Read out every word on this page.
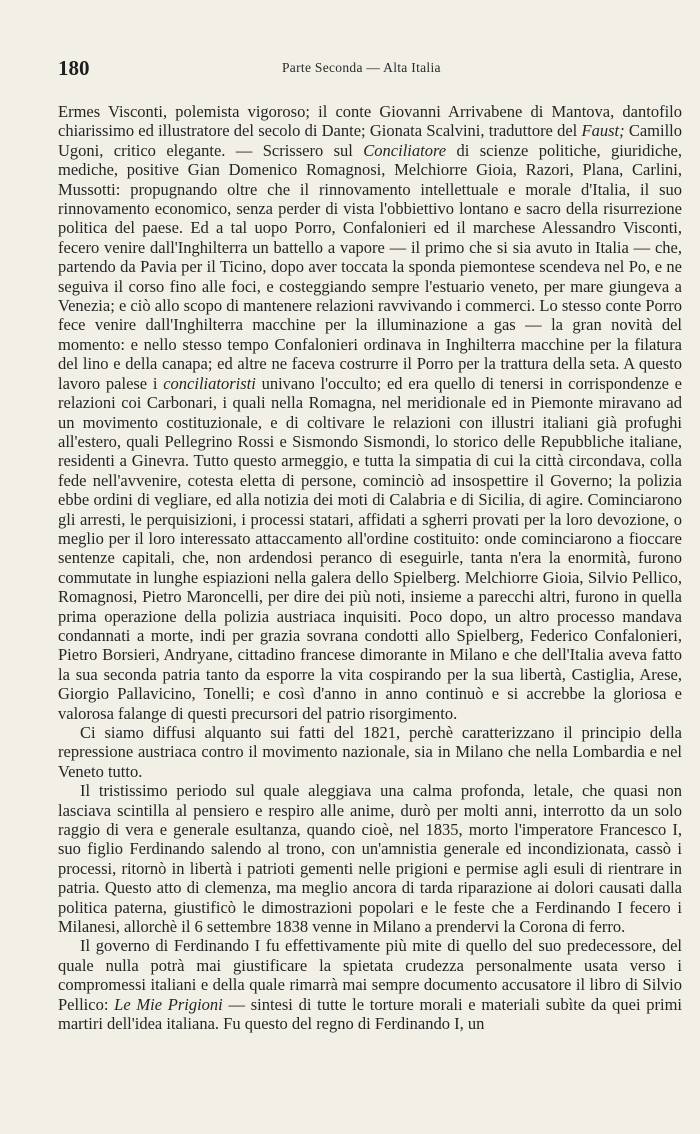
180	Parte Seconda — Alta Italia

Ermes Visconti, polemista vigoroso; il conte Giovanni Arrivabene di Mantova, dantofilo chiarissimo ed illustratore del secolo di Dante; Gionata Scalvini, traduttore del Faust; Camillo Ugoni, critico elegante. — Scrissero sul Conciliatore di scienze politiche, giuridiche, mediche, positive Gian Domenico Romagnosi, Melchiorre Gioia, Razori, Plana, Carlini, Mussotti: propugnando oltre che il rinnovamento intellettuale e morale d'Italia, il suo rinnovamento economico, senza perder di vista l'obbiettivo lontano e sacro della risurrezione politica del paese. Ed a tal uopo Porro, Confalonieri ed il marchese Alessandro Visconti, fecero venire dall'Inghilterra un battello a vapore — il primo che si sia avuto in Italia — che, partendo da Pavia per il Ticino, dopo aver toccata la sponda piemontese scendeva nel Po, e ne seguiva il corso fino alle foci, e costeggiando sempre l'estuario veneto, per mare giungeva a Venezia; e ciò allo scopo di mantenere relazioni ravvivando i commerci. Lo stesso conte Porro fece venire dall'Inghilterra macchine per la illuminazione a gas — la gran novità del momento: e nello stesso tempo Confalonieri ordinava in Inghilterra macchine per la filatura del lino e della canapa; ed altre ne faceva costrurre il Porro per la trattura della seta. A questo lavoro palese i conciliatoristi univano l'occulto; ed era quello di tenersi in corrispondenze e relazioni coi Carbonari, i quali nella Romagna, nel meridionale ed in Piemonte miravano ad un movimento costituzionale, e di coltivare le relazioni con illustri italiani già profughi all'estero, quali Pellegrino Rossi e Sismondo Sismondi, lo storico delle Repubbliche italiane, residenti a Ginevra. Tutto questo armeggio, e tutta la simpatia di cui la città circondava, colla fede nell'avvenire, cotesta eletta di persone, cominciò ad insospettire il Governo; la polizia ebbe ordini di vegliare, ed alla notizia dei moti di Calabria e di Sicilia, di agire. Cominciarono gli arresti, le perquisizioni, i processi statari, affidati a sgherri provati per la loro devozione, o meglio per il loro interessato attaccamento all'ordine costituito: onde cominciarono a fioccare sentenze capitali, che, non ardendosi peranco di eseguirle, tanta n'era la enormità, furono commutate in lunghe espiazioni nella galera dello Spielberg. Melchiorre Gioia, Silvio Pellico, Romagnosi, Pietro Maroncelli, per dire dei più noti, insieme a parecchi altri, furono in quella prima operazione della polizia austriaca inquisiti. Poco dopo, un altro processo mandava condannati a morte, indi per grazia sovrana condotti allo Spielberg, Federico Confalonieri, Pietro Borsieri, Andryane, cittadino francese dimorante in Milano e che dell'Italia aveva fatto la sua seconda patria tanto da esporre la vita cospirando per la sua libertà, Castiglia, Arese, Giorgio Pallavicino, Tonelli; e così d'anno in anno continuò e si accrebbe la gloriosa e valorosa falange di questi precursori del patrio risorgimento.

Ci siamo diffusi alquanto sui fatti del 1821, perchè caratterizzano il principio della repressione austriaca contro il movimento nazionale, sia in Milano che nella Lombardia e nel Veneto tutto.

Il tristissimo periodo sul quale aleggiava una calma profonda, letale, che quasi non lasciava scintilla al pensiero e respiro alle anime, durò per molti anni, interrotto da un solo raggio di vera e generale esultanza, quando cioè, nel 1835, morto l'imperatore Francesco I, suo figlio Ferdinando salendo al trono, con un'amnistia generale ed incondizionata, cassò i processi, ritornò in libertà i patrioti gementi nelle prigioni e permise agli esuli di rientrare in patria. Questo atto di clemenza, ma meglio ancora di tarda riparazione ai dolori causati dalla politica paterna, giustificò le dimostrazioni popolari e le feste che a Ferdinando I fecero i Milanesi, allorchè il 6 settembre 1838 venne in Milano a prendervi la Corona di ferro.

Il governo di Ferdinando I fu effettivamente più mite di quello del suo predecessore, del quale nulla potrà mai giustificare la spietata crudezza personalmente usata verso i compromessi italiani e della quale rimarrà mai sempre documento accusatore il libro di Silvio Pellico: Le Mie Prigioni — sintesi di tutte le torture morali e materiali subìte da quei primi martiri dell'idea italiana. Fu questo del regno di Ferdinando I, un
